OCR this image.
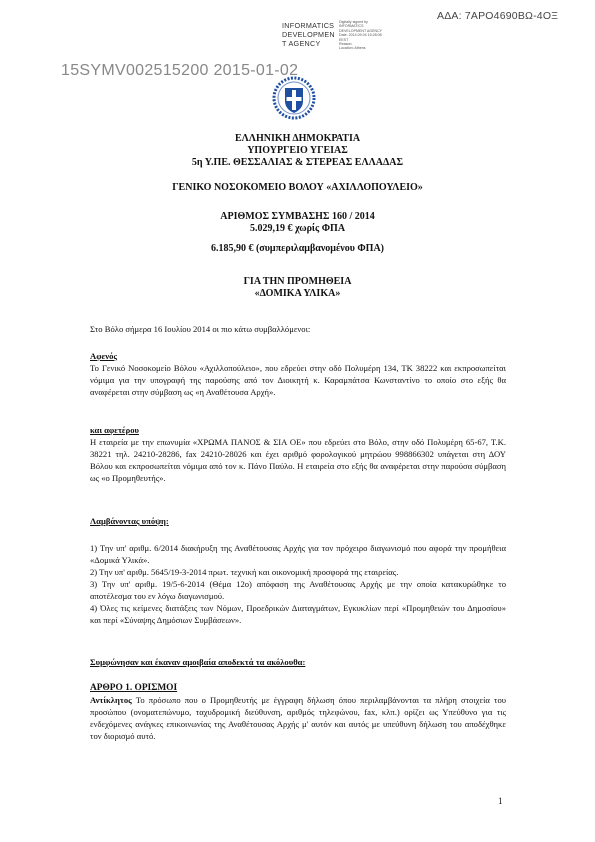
ΑΔΑ: 7ΑΡΟ4690ΒΩ-4ΟΞ
INFORMATICS
DEVELOPMEN
T AGENCY
Digitally signed by
INFORMATICS
DEVELOPMENT AGENCY
Date: 2014.09.04 15:28:08
EEST
Reason:
Location: Athens
15SYMV002515200 2015-01-02
ΕΛΛΗΝΙΚΗ ΔΗΜΟΚΡΑΤΙΑ
ΥΠΟΥΡΓΕΙΟ ΥΓΕΙΑΣ
5η Υ.ΠΕ. ΘΕΣΣΑΛΙΑΣ & ΣΤΕΡΕΑΣ ΕΛΛΑΔΑΣ
ΓΕΝΙΚΟ ΝΟΣΟΚΟΜΕΙΟ ΒΟΛΟΥ «ΑΧΙΛΛΟΠΟΥΛΕΙΟ»
ΑΡΙΘΜΟΣ ΣΥΜΒΑΣΗΣ 160 / 2014
5.029,19 € χωρίς ΦΠΑ
6.185,90 € (συμπεριλαμβανομένου ΦΠΑ)
ΓΙΑ ΤΗΝ ΠΡΟΜΗΘΕΙΑ
«ΔΟΜΙΚΑ ΥΛΙΚΑ»
Στο Βόλο σήμερα 16 Ιουλίου 2014 οι πιο κάτω συμβαλλόμενοι:

Αφενός

Το Γενικό Νοσοκομείο Βόλου «Αχιλλοπούλειο», που εδρεύει στην οδό Πολυμέρη 134, ΤΚ 38222 και εκπροσωπείται νόμιμα για την υπογραφή της παρούσης από τον Διοικητή κ. Καραμπάτσα Κωνσταντίνο το οποίο στο εξής θα αναφέρεται στην σύμβαση ως «η Αναθέτουσα Αρχή».

και αφετέρου

Η εταιρεία με την επωνυμία «ΧΡΩΜΑ ΠΑΝΟΣ & ΣΙΑ ΟΕ» που εδρεύει στο Βόλο, στην οδό Πολυμέρη 65-67, Τ.Κ. 38221 τηλ. 24210-28286, fax 24210-28026 και έχει αριθμό φορολογικού μητρώου 998866302 υπάγεται στη ΔΟΥ Βόλου και εκπροσωπείται νόμιμα από τον κ. Πάνο Παύλο. Η εταιρεία στο εξής θα αναφέρεται στην παρούσα σύμβαση ως «ο Προμηθευτής».

Λαμβάνοντας υπόψη:

1) Την υπ' αριθμ. 6/2014 διακήρυξη της Αναθέτουσας Αρχής για τον πρόχειρο διαγωνισμό που αφορά την προμήθεια «Δομικά Υλικά».

2) Την υπ' αριθμ. 5645/19-3-2014 πρωτ. τεχνική και οικονομική προσφορά της εταιρείας.

3) Την υπ' αριθμ. 19/5-6-2014 (Θέμα 12ο) απόφαση της Αναθέτουσας Αρχής με την οποία κατακυρώθηκε το αποτέλεσμα του εν λόγω διαγωνισμού.

4) Όλες τις κείμενες διατάξεις των Νόμων, Προεδρικών Διαταγμάτων, Εγκυκλίων περί «Προμηθειών του Δημοσίου» και περί «Σύναψης Δημόσιων Συμβάσεων».

Συμφώνησαν και έκαναν αμοιβαία αποδεκτά τα ακόλουθα:

ΑΡΘΡΟ 1. ΟΡΙΣΜΟΙ

Αντίκλητος Το πρόσωπο που ο Προμηθευτής με έγγραφη δήλωση όπου περιλαμβάνονται τα πλήρη στοιχεία του προσώπου (ονοματεπώνυμο, ταχυδρομική διεύθυνση, αριθμός τηλεφώνου, fax, κλπ.) ορίζει ως Υπεύθυνο για τις ενδεχόμενες ανάγκες επικοινωνίας της Αναθέτουσας Αρχής μ' αυτόν και αυτός με υπεύθυνη δήλωση του αποδέχθηκε τον διορισμό αυτό.

1
